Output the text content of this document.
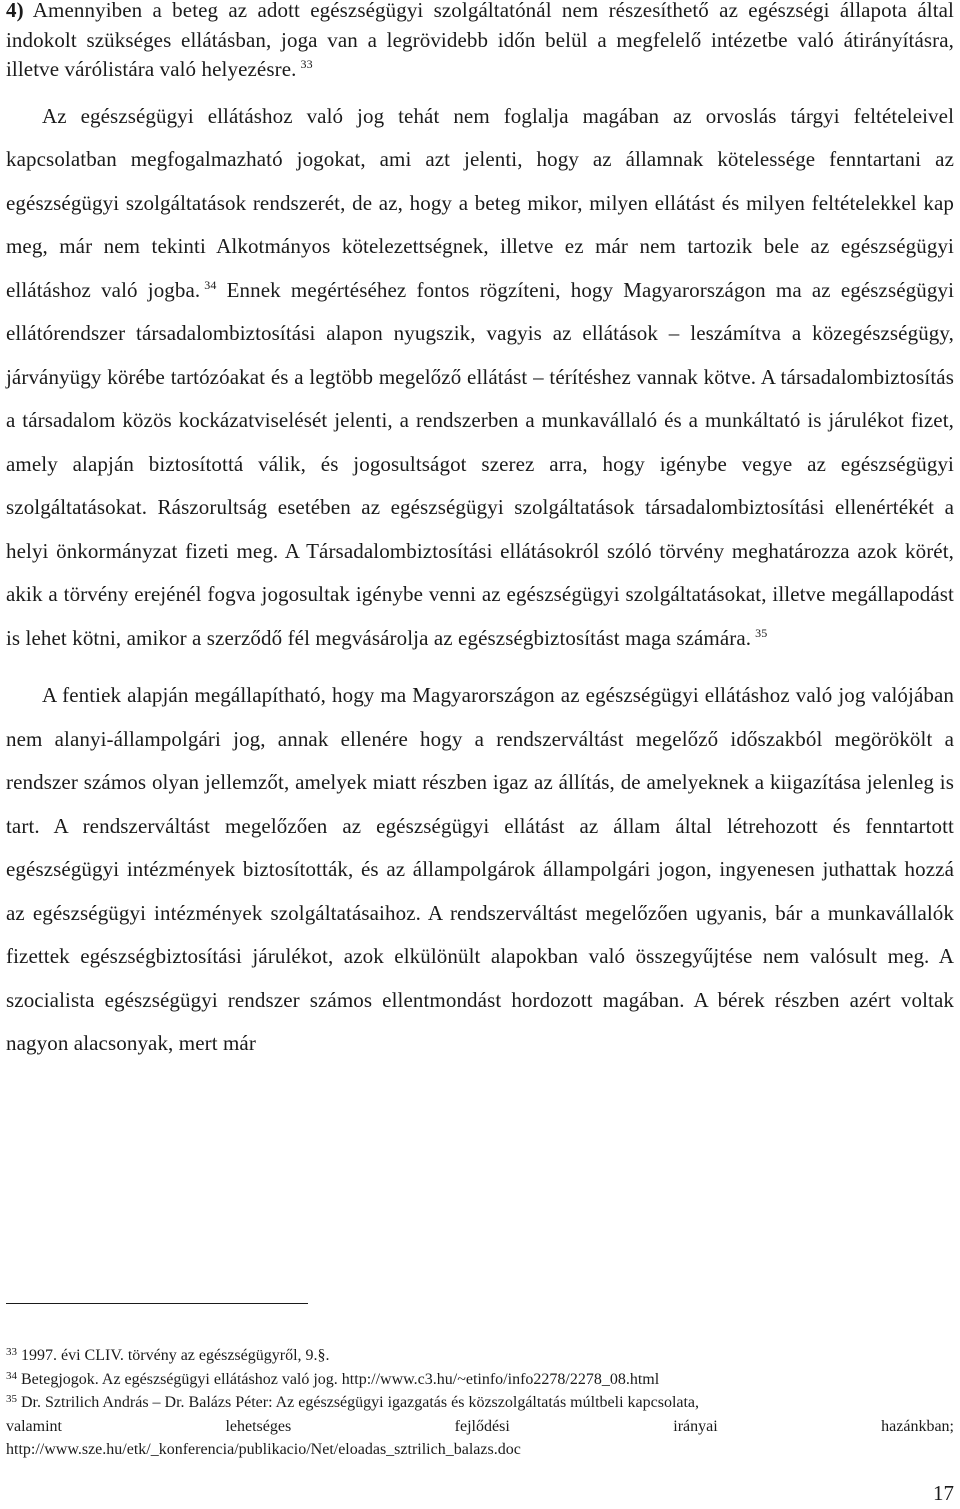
4) Amennyiben a beteg az adott egészségügyi szolgáltatónál nem részesíthető az egészségi állapota által indokolt szükséges ellátásban, joga van a legrövidebb időn belül a megfelelő intézetbe való átirányításra, illetve várólistára való helyezésre. $^{33}$

Az egészségügyi ellátáshoz való jog tehát nem foglalja magában az orvoslás tárgyi feltételeivel kapcsolatban megfogalmazható jogokat, ami azt jelenti, hogy az államnak kötelessége fenntartani az egészségügyi szolgáltatások rendszerét, de az, hogy a beteg mikor, milyen ellátást és milyen feltételekkel kap meg, már nem tekinti Alkotmányos kötelezettségnek, illetve ez már nem tartozik bele az egészségügyi ellátáshoz való jogba. $^{34}$ Ennek megértéséhez fontos rögzíteni, hogy Magyarországon ma az egészségügyi ellátórendszer társadalombiztosítási alapon nyugszik, vagyis az ellátások – leszámítva a közegészségügy, járványügy körébe tartózóakat és a legtöbb megelőző ellátást – térítéshez vannak kötve. A társadalombiztosítás a társadalom közös kockázatviselését jelenti, a rendszerben a munkavállaló és a munkáltató is járulékot fizet, amely alapján biztosítottá válik, és jogosultságot szerez arra, hogy igénybe vegye az egészségügyi szolgáltatásokat. Rászorultság esetében az egészségügyi szolgáltatások társadalombiztosítási ellenértékét a helyi önkormányzat fizeti meg. A Társadalombiztosítási ellátásokról szóló törvény meghatározza azok körét, akik a törvény erejénél fogva jogosultak igénybe venni az egészségügyi szolgáltatásokat, illetve megállapodást is lehet kötni, amikor a szerződő fél megvásárolja az egészségbiztosítást maga számára. $^{35}$

A fentiek alapján megállapítható, hogy ma Magyarországon az egészségügyi ellátáshoz való jog valójában nem alanyi-állampolgári jog, annak ellenére hogy a rendszerváltást megelőző időszakból megörökölt a rendszer számos olyan jellemzőt, amelyek miatt részben igaz az állítás, de amelyeknek a kiigazítása jelenleg is tart. A rendszerváltást megelőzően az egészségügyi ellátást az állam által létrehozott és fenntartott egészségügyi intézmények biztosították, és az állampolgárok állampolgári jogon, ingyenesen juthattak hozzá az egészségügyi intézmények szolgáltatásaihoz. A rendszerváltást megelőzően ugyanis, bár a munkavállalók fizettek egészségbiztosítási járulékot, azok elkülönült alapokban való összegyűjtése nem valósult meg. A szocialista egészségügyi rendszer számos ellentmondást hordozott magában. A bérek részben azért voltak nagyon alacsonyak, mert már

$^{33}$ 1997. évi CLIV. törvény az egészségügyről, 9.§.

$^{34}$ Betegjogok. Az egészségügyi ellátáshoz való jog. http://www.c3.hu/~etinfo/info2278/2278_08.html

$^{35}$ Dr. Sztrilich András – Dr. Balázs Péter: Az egészségügyi igazgatás és közszolgáltatás múltbeli kapcsolata,

valamint lehetséges fejlődési irányai hazánkban;

http://www.sze.hu/etk/_konferencia/publikacio/Net/eloadas_sztrilich_balazs.doc

17
